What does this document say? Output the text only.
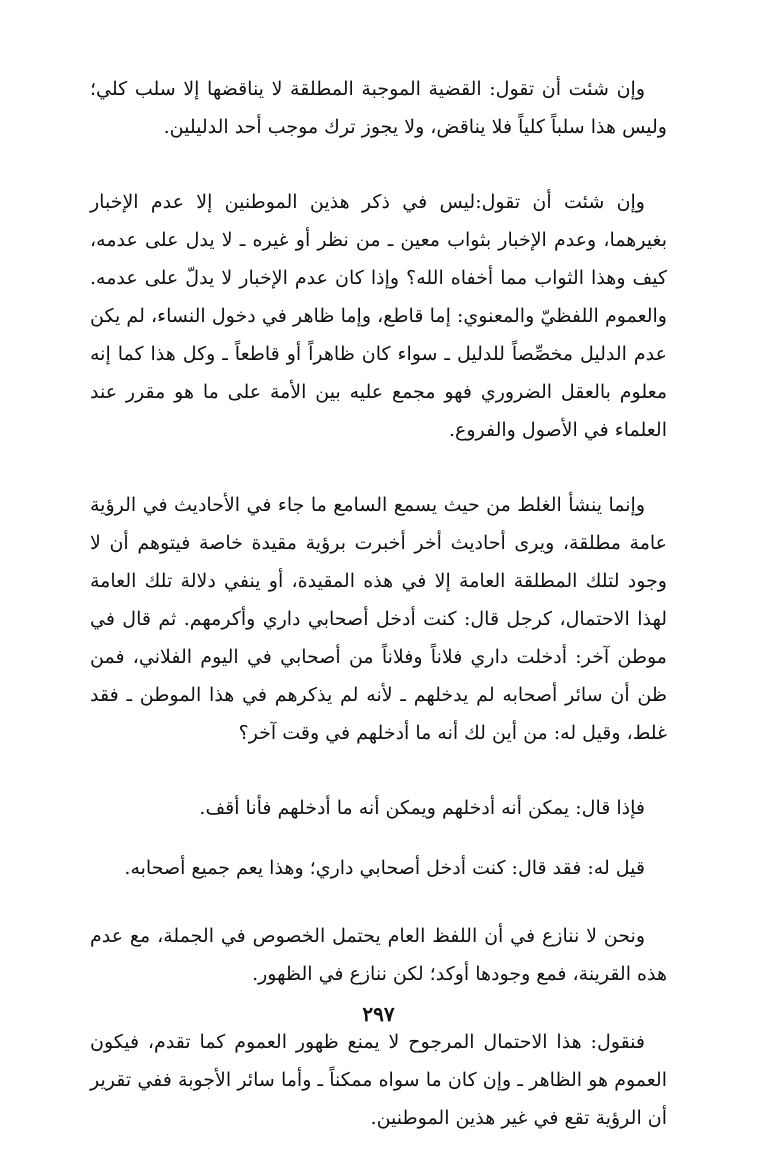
وإن شئت أن تقول: القضية الموجبة المطلقة لا يناقضها إلا سلب كلي؛ وليس هذا سلباً كلياً فلا يناقض، ولا يجوز ترك موجب أحد الدليلين.

وإن شئت أن تقول:ليس في ذكر هذين الموطنين إلا عدم الإخبار بغيرهما، وعدم الإخبار بثواب معين ـ من نظر أو غيره ـ لا يدل على عدمه، كيف وهذا الثواب مما أخفاه الله؟ وإذا كان عدم الإخبار لا يدلّ على عدمه. والعموم اللفظيّ والمعنوي: إما قاطع، وإما ظاهر في دخول النساء، لم يكن عدم الدليل مخصِّصاً للدليل ـ سواء كان ظاهراً أو قاطعاً ـ وكل هذا كما إنه معلوم بالعقل الضروري فهو مجمع عليه بين الأمة على ما هو مقرر عند العلماء في الأصول والفروع.

وإنما ينشأ الغلط من حيث يسمع السامع ما جاء في الأحاديث في الرؤية عامة مطلقة، ويرى أحاديث أخر أخبرت برؤية مقيدة خاصة فيتوهم أن لا وجود لتلك المطلقة العامة إلا في هذه المقيدة، أو ينفي دلالة تلك العامة لهذا الاحتمال، كرجل قال: كنت أدخل أصحابي داري وأكرمهم. ثم قال في موطن آخر: أدخلت داري فلاناً وفلاناً من أصحابي في اليوم الفلاني، فمن ظن أن سائر أصحابه لم يدخلهم ـ لأنه لم يذكرهم في هذا الموطن ـ فقد غلط، وقيل له: من أين لك أنه ما أدخلهم في وقت آخر؟

فإذا قال: يمكن أنه أدخلهم ويمكن أنه ما أدخلهم فأنا أقف.

قيل له: فقد قال: كنت أدخل أصحابي داري؛ وهذا يعم جميع أصحابه.

ونحن لا ننازع في أن اللفظ العام يحتمل الخصوص في الجملة، مع عدم هذه القرينة، فمع وجودها أوكد؛ لكن ننازع في الظهور.

فنقول: هذا الاحتمال المرجوح لا يمنع ظهور العموم كما تقدم، فيكون العموم هو الظاهر ـ وإن كان ما سواه ممكناً ـ وأما سائر الأجوبة ففي تقرير أن الرؤية تقع في غير هذين الموطنين.

٢٩٧
